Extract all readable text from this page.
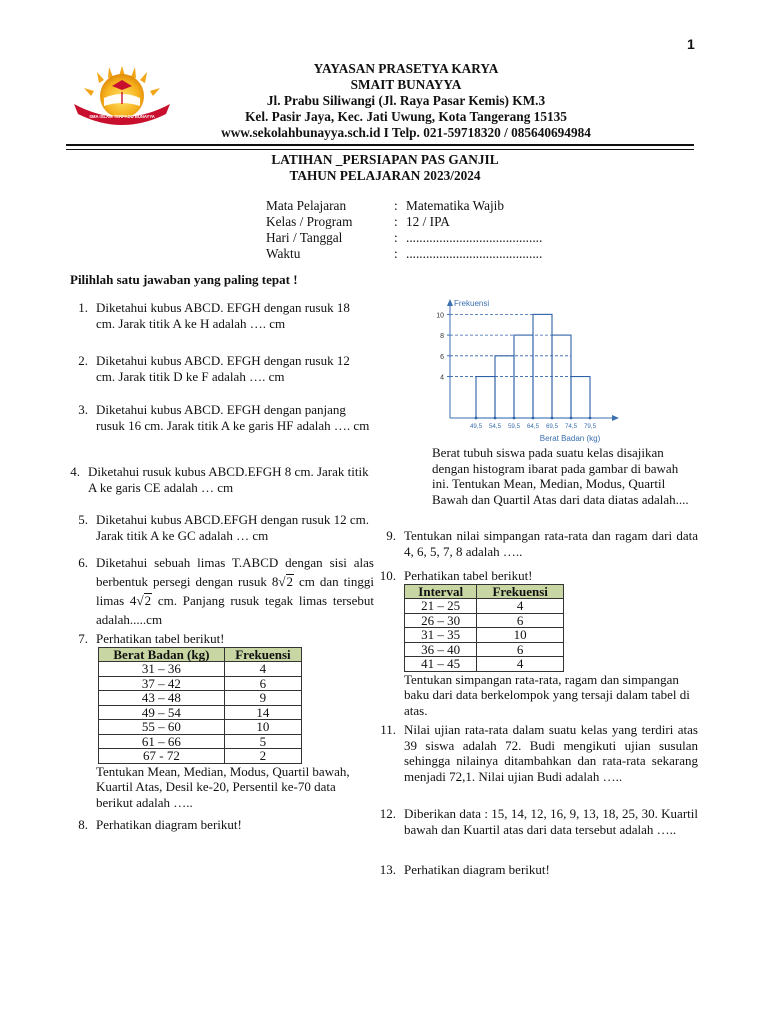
1
SMA ISLAM TERPADU BUNAYYA
YAYASAN PRASETYA KARYA
SMAIT BUNAYYA
Jl. Prabu Siliwangi (Jl. Raya Pasar Kemis) KM.3
Kel. Pasir Jaya, Kec. Jati Uwung, Kota Tangerang 15135
www.sekolahbunayya.sch.id I Telp. 021-59718320 / 085640694984
LATIHAN _PERSIAPAN PAS GANJIL
TAHUN PELAJARAN 2023/2024
Mata Pelajaran	: Matematika Wajib
Kelas / Program	: 12 / IPA
Hari / Tanggal	: .........................................
Waktu	: .........................................
Pilihlah satu jawaban yang paling tepat !
1. Diketahui kubus ABCD. EFGH dengan rusuk 18 cm. Jarak titik A ke H adalah …. cm
2. Diketahui kubus ABCD. EFGH dengan rusuk 12 cm. Jarak titik D ke F adalah …. cm
3. Diketahui kubus ABCD. EFGH dengan panjang rusuk 16 cm. Jarak titik A ke garis HF adalah …. cm
4. Diketahui rusuk kubus ABCD.EFGH 8 cm. Jarak titik A ke garis CE adalah … cm
5. Diketahui kubus ABCD.EFGH dengan rusuk 12 cm. Jarak titik A ke GC adalah … cm
6. Diketahui sebuah limas T.ABCD dengan sisi alas berbentuk persegi dengan rusuk 8√2 cm dan tinggi limas 4√2 cm. Panjang rusuk tegak limas tersebut adalah.....cm
7. Perhatikan tabel berikut!
Berat Badan (kg)	Frekuensi
31 – 36	4
37 – 42	6
43 – 48	9
49 – 54	14
55 – 60	10
61 – 66	5
67 - 72	2
Tentukan Mean, Median, Modus, Quartil bawah, Kuartil Atas, Desil ke-20, Persentil ke-70 data berikut adalah …..
8. Perhatikan diagram berikut!
4
6
8
10
49,5 54,5 59,5 64,5 69,5 74,5 79,5
Frekuensi
Berat Badan (kg)
Berat tubuh siswa pada suatu kelas disajikan dengan histogram ibarat pada gambar di bawah ini. Tentukan Mean, Median, Modus, Quartil Bawah dan Quartil Atas dari data diatas adalah....
9. Tentukan nilai simpangan rata-rata dan ragam dari data 4, 6, 5, 7, 8 adalah …..
10. Perhatikan tabel berikut!
Interval	Frekuensi
21 – 25	4
26 – 30	6
31 – 35	10
36 – 40	6
41 – 45	4
Tentukan simpangan rata-rata, ragam dan simpangan baku dari data berkelompok yang tersaji dalam tabel di atas.
11. Nilai ujian rata-rata dalam suatu kelas yang terdiri atas 39 siswa adalah 72. Budi mengikuti ujian susulan sehingga nilainya ditambahkan dan rata-rata sekarang menjadi 72,1. Nilai ujian Budi adalah …..
12. Diberikan data : 15, 14, 12, 16, 9, 13, 18, 25, 30. Kuartil bawah dan Kuartil atas dari data tersebut adalah …..
13. Perhatikan diagram berikut!
